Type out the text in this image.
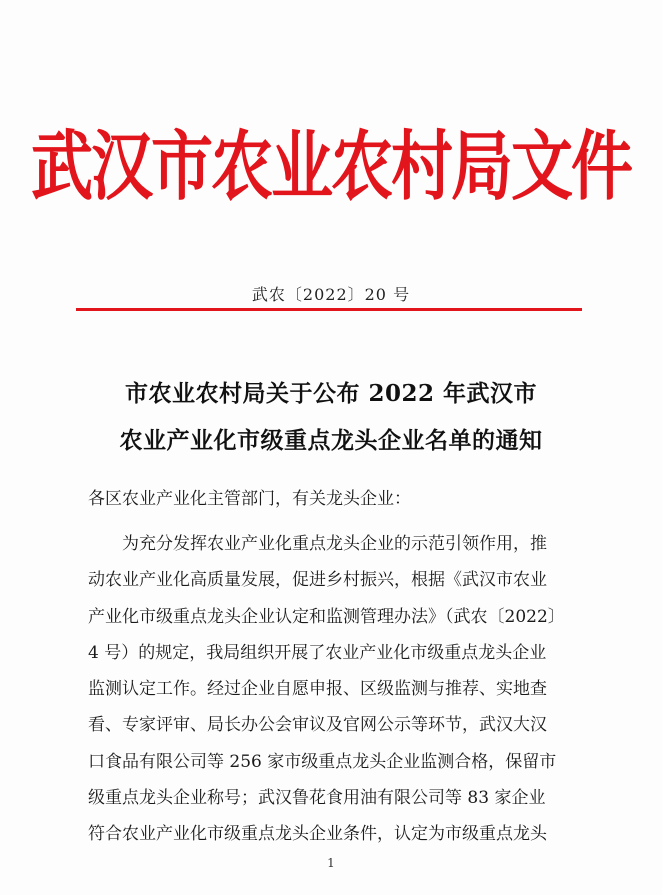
武汉市农业农村局文件
武农〔2022〕20 号
市农业农村局关于公布 2022 年武汉市
农业产业化市级重点龙头企业名单的通知
各区农业产业化主管部门，有关龙头企业：
为充分发挥农业产业化重点龙头企业的示范引领作用，推
动农业产业化高质量发展，促进乡村振兴，根据《武汉市农业
产业化市级重点龙头企业认定和监测管理办法》（武农〔2022〕
4 号）的规定，我局组织开展了农业产业化市级重点龙头企业
监测认定工作。经过企业自愿申报、区级监测与推荐、实地查
看、专家评审、局长办公会审议及官网公示等环节，武汉大汉
口食品有限公司等 256 家市级重点龙头企业监测合格，保留市
级重点龙头企业称号；武汉鲁花食用油有限公司等 83 家企业
符合农业产业化市级重点龙头企业条件，认定为市级重点龙头
1
